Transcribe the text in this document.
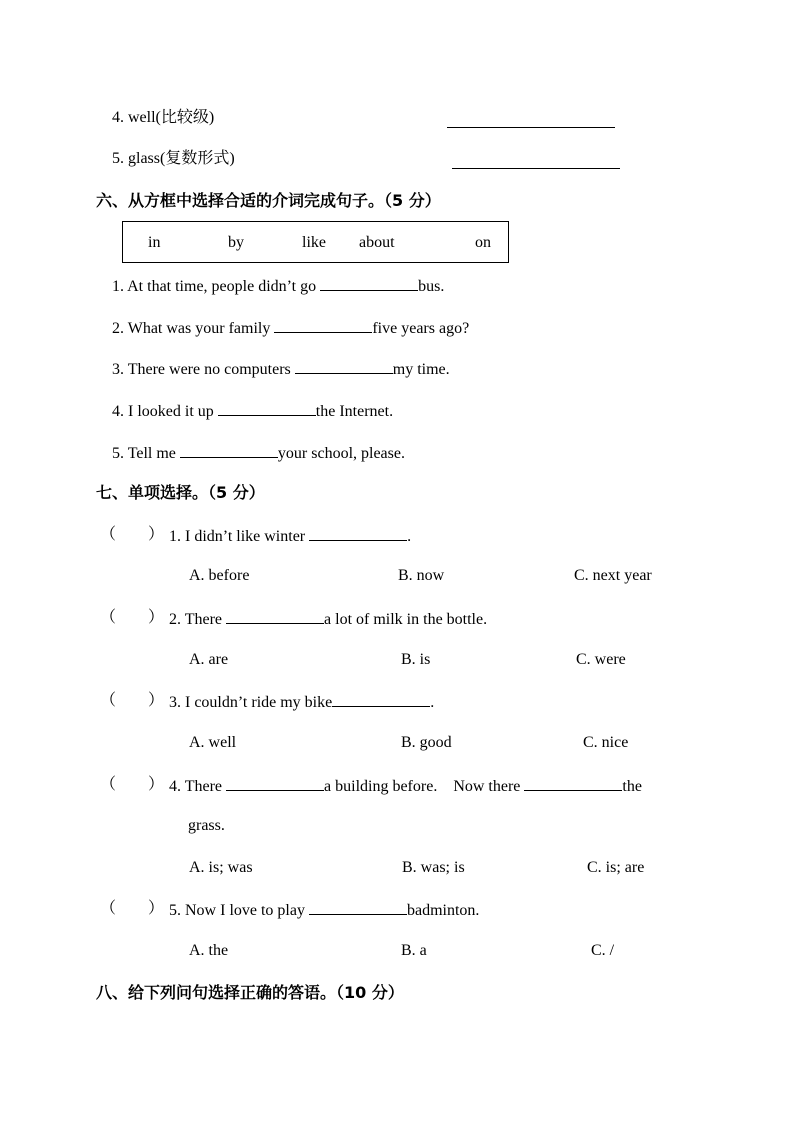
4. well(比较级)
5. glass(复数形式)
六、从方框中选择合适的介词完成句子。（5 分）
in	by	like about	on
1. At that time, people didn’t go	bus.
2. What was your family	five years ago?
3. There were no computers	my time.
4. I looked it up	the Internet.
5. Tell me	your school, please.
七、单项选择。（5 分）
（ ） 1. I didn’t like winter	.
A. before	B. now	C. next year
（ ） 2. There	a lot of milk in the bottle.
A. are	B. is	C. were
（ ） 3. I couldn’t ride my bike	.
A. well	B. good	C. nice
（ ） 4. There	a building before.    Now there	the
grass.
A. is; was	B. was; is	C. is; are
（ ） 5. Now I love to play	badminton.
A. the	B. a	C. /
八、给下列问句选择正确的答语。（10 分）
